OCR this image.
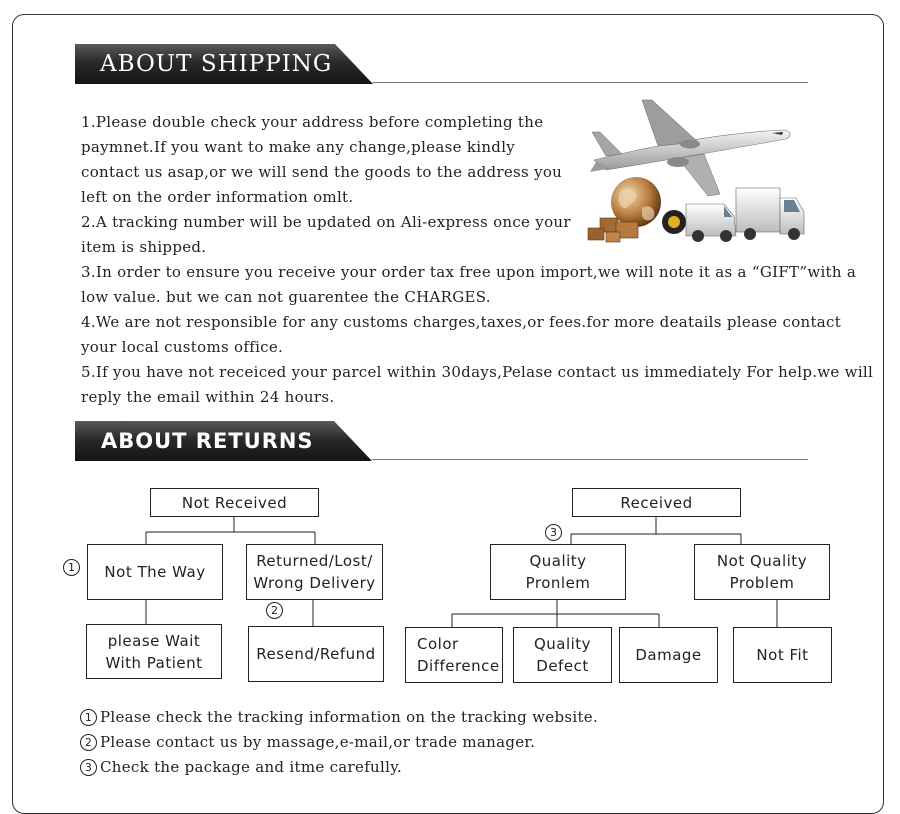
ABOUT SHIPPING

1.Please double check your address before completing the paymnet.If you want to make any change,please kindly contact us asap,or we will send the goods to the address you left on the order information omlt.

2.A tracking number will be updated on Ali-express once your item is shipped.

3.In order to ensure you receive your order tax free upon import,we will note it as a “GIFT”with a low value. but we can not guarentee the CHARGES.

4.We are not responsible for any customs charges,taxes,or fees.for more deatails please contact your local customs office.

5.If you have not receiced your parcel within 30days,Pelase contact us immediately For help.we will reply the email within 24 hours.

ABOUT RETURNS
Not Received
Not The Way
Returned/Lost/
Wrong Delivery
please Wait
With Patient	Resend/Refund
Received
Quality
Pronlem
Not Quality
Problem
Color
Difference
Quality
Defect
Damage	Not Fit
1
2
3
1 Please check the tracking information on the tracking website.
2 Please contact us by massage,e-mail,or trade manager.
3 Check the package and itme carefully.
